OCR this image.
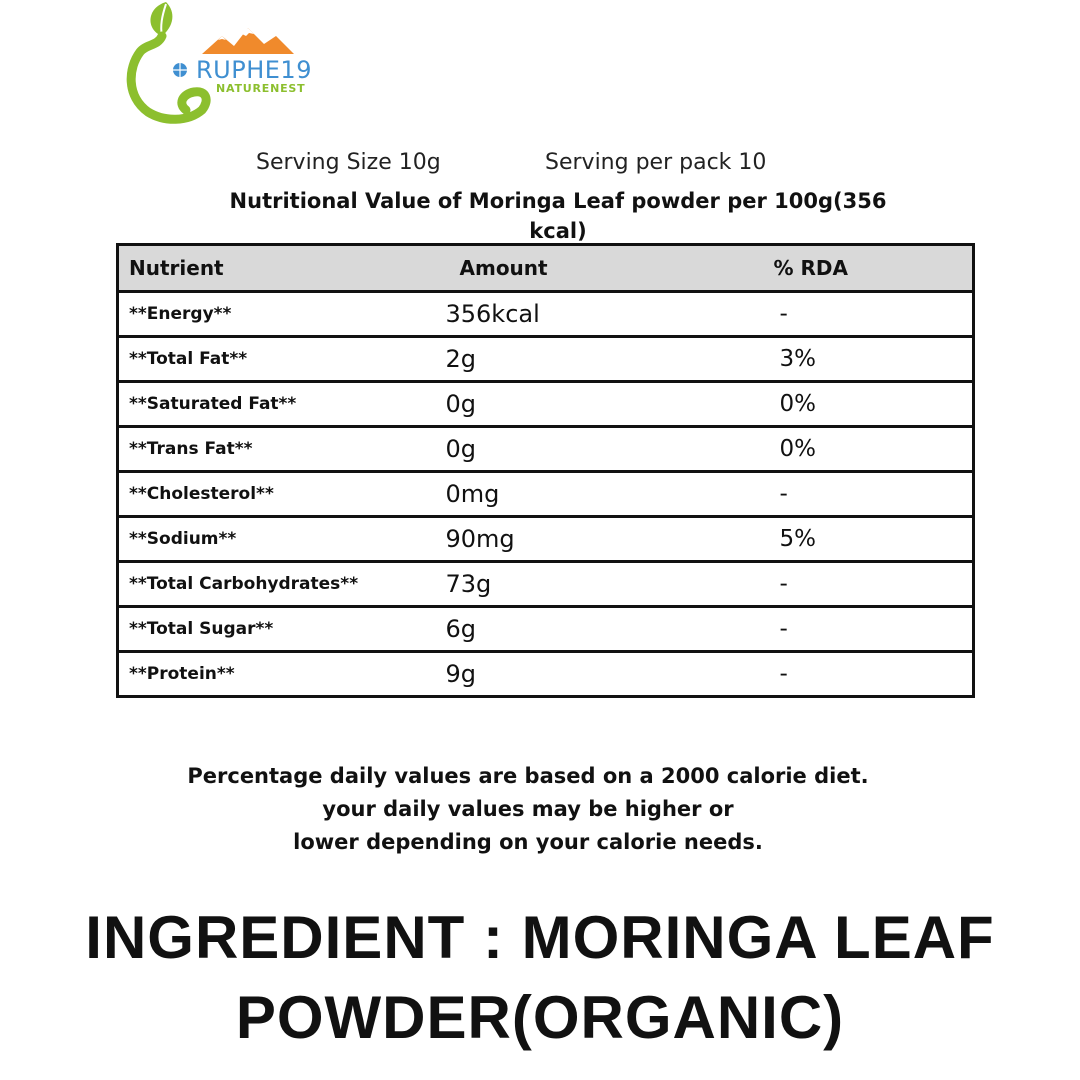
RUPHE19
NATURENEST
Serving Size 10g	Serving per pack 10
Nutritional Value of Moringa Leaf powder per 100g(356 kcal)
Nutrient	Amount	% RDA
**Energy**	356kcal	-
**Total Fat**	2g	3%
**Saturated Fat**	0g	0%
**Trans Fat**	0g	0%
**Cholesterol**	0mg	-
**Sodium**	90mg	5%
**Total Carbohydrates**	73g	-
**Total Sugar**	6g	-
**Protein**	9g	-
Percentage daily values are based on a 2000 calorie diet.
your daily values may be higher or
lower depending on your calorie needs.
INGREDIENT : MORINGA LEAF
POWDER(ORGANIC)
